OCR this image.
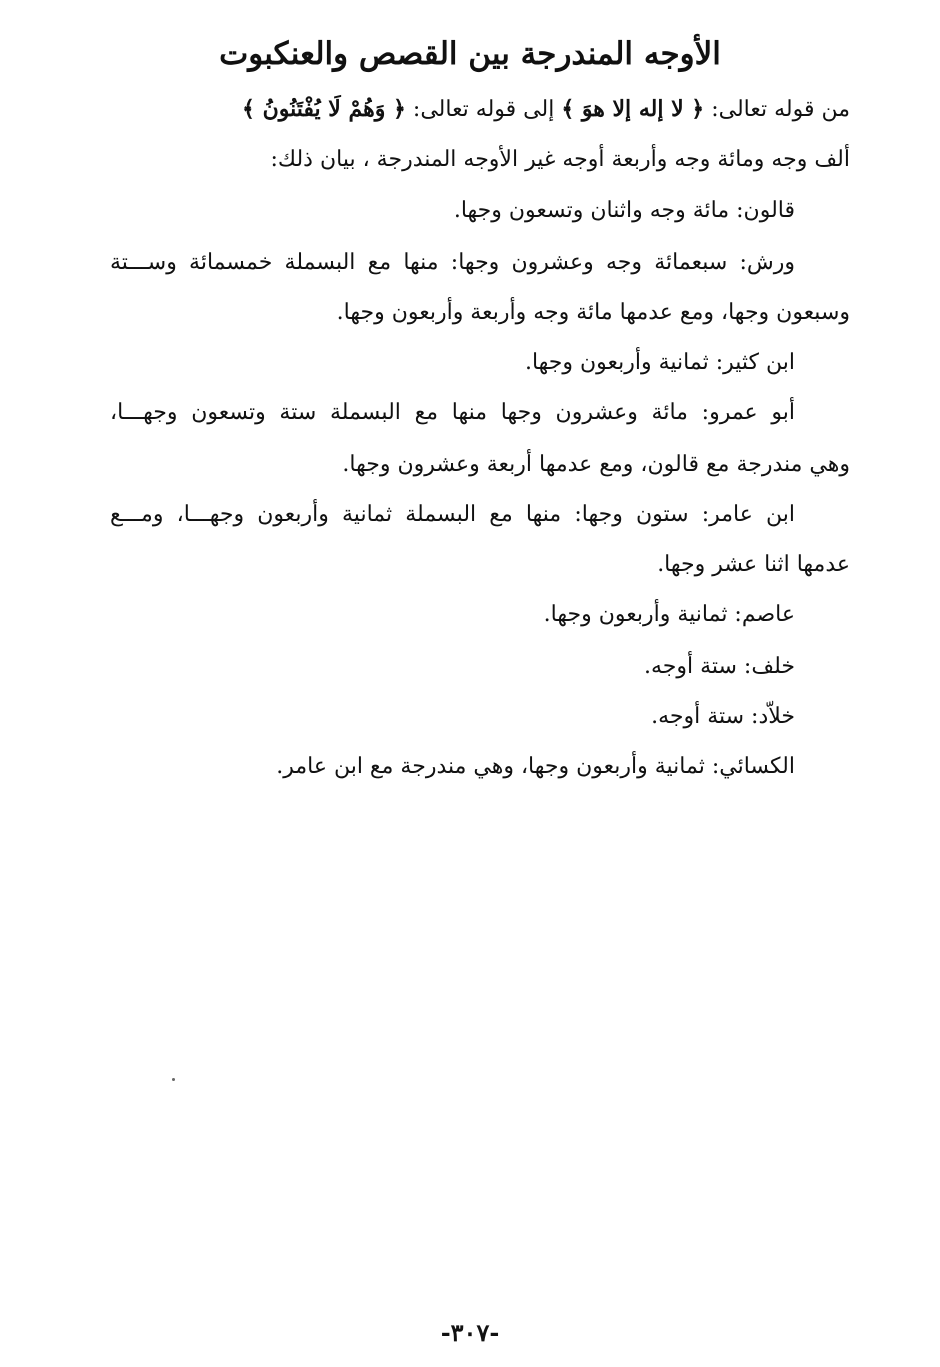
الأوجه المندرجة بين القصص والعنكبوت
من قوله تعالى: ﴿ لا إله إلا هوَ ﴾ إلى قوله تعالى: ﴿ وَهُمْ لَا يُفْتَنُونُ ﴾
ألف وجه ومائة وجه وأربعة أوجه غير الأوجه المندرجة ، بيان ذلك:
قالون: مائة وجه واثنان وتسعون وجها.
ورش: سبعمائة وجه وعشرون وجها: منها مع البسملة خمسمائة وســـتة
وسبعون وجها، ومع عدمها مائة وجه وأربعة وأربعون وجها.
ابن كثير: ثمانية وأربعون وجها.
أبو عمرو: مائة وعشرون وجها منها مع البسملة ستة وتسعون وجهـــا،
وهي مندرجة مع قالون، ومع عدمها أربعة وعشرون وجها.
ابن عامر: ستون وجها: منها مع البسملة ثمانية وأربعون وجهـــا، ومـــع
عدمها اثنا عشر وجها.
عاصم: ثمانية وأربعون وجها.
خلف: ستة أوجه.
خلاّد: ستة أوجه.
الكسائي: ثمانية وأربعون وجها، وهي مندرجة مع ابن عامر.
-٣٠٧-
